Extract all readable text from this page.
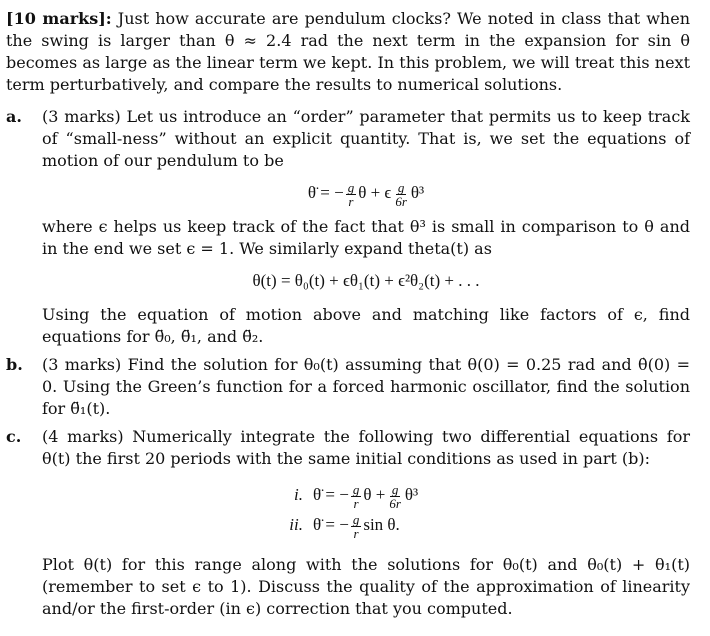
[10 marks]: Just how accurate are pendulum clocks? We noted in class that when the swing is larger than θ ≈ 2.4 rad the next term in the expansion for sin θ becomes as large as the linear term we kept. In this problem, we will treat this next term perturbatively, and compare the results to numerical solutions.

a. (3 marks) Let us introduce an “order” parameter that permits us to keep track of “small-ness” without an explicit quantity. That is, we set the equations of motion of our pendulum to be

θ̈ = − $\frac{g}{r}$ θ + ϵ $\frac{g}{6r} \theta^3$

where ϵ helps us keep track of the fact that θ³ is small in comparison to θ and in the end we set ϵ = 1. We similarly expand theta(t) as

θ(t) = θ₀(t) + ϵθ₁(t) + ϵ²θ₂(t) + . . .

Using the equation of motion above and matching like factors of ϵ, find equations for θ̈₀, θ̈₁, and θ̈₂.

b. (3 marks) Find the solution for θ₀(t) assuming that θ(0) = 0.25 rad and θ̇(0) = 0. Using the Green’s function for a forced harmonic oscillator, find the solution for θ̈₁(t).

c. (4 marks) Numerically integrate the following two differential equations for θ(t) the first 20 periods with the same initial conditions as used in part (b):

i. θ̈ = − $\frac{g}{r}$ $\theta + \frac{g}{6r} \theta^3$
ii. θ̈ = − $\frac{g}{r}$ sin θ.

Plot θ(t) for this range along with the solutions for θ₀(t) and θ₀(t) + θ₁(t) (remember to set ϵ to 1). Discuss the quality of the approximation of linearity and/or the first-order (in ϵ) correction that you computed.
